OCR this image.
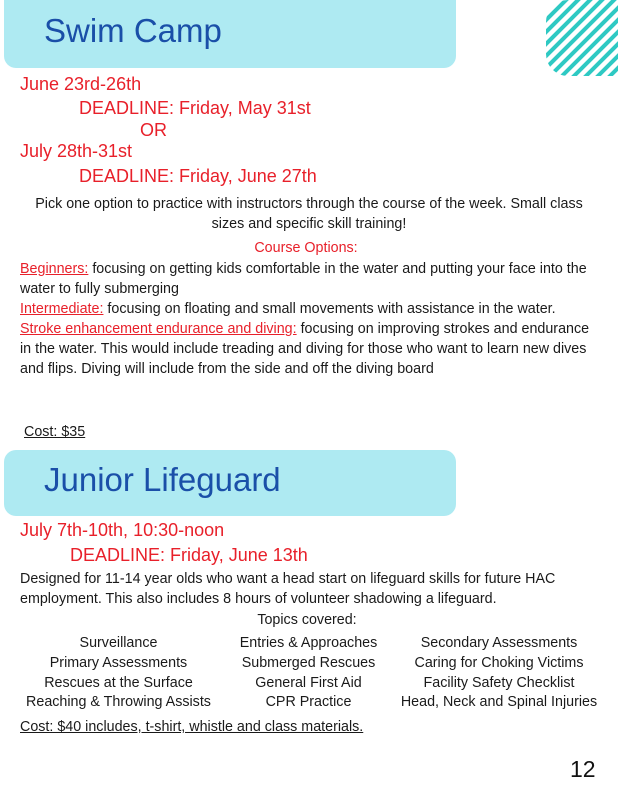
Swim Camp
June 23rd-26th
DEADLINE: Friday, May 31st
OR
July 28th-31st
DEADLINE: Friday, June 27th
Pick one option to practice with instructors through the course of the week. Small class sizes and specific skill training!
Course Options:
Beginners: focusing on getting kids comfortable in the water and putting your face into the water to fully submerging
Intermediate: focusing on floating and small movements with assistance in the water.
Stroke enhancement endurance and diving: focusing on improving strokes and endurance in the water. This would include treading and diving for those who want to learn new dives and flips. Diving will include from the side and off the diving board
Cost: $35
Junior Lifeguard
July 7th-10th, 10:30-noon
DEADLINE: Friday, June 13th
Designed for 11-14 year olds who want a head start on lifeguard skills for future HAC employment. This also includes 8 hours of volunteer shadowing a lifeguard.
Topics covered:
Surveillance	Entries & Approaches	Secondary Assessments
Primary Assessments	Submerged Rescues	Caring for Choking Victims
Rescues at the Surface	General First Aid	Facility Safety Checklist
Reaching & Throwing Assists	CPR Practice	Head, Neck and Spinal Injuries
Cost: $40 includes, t-shirt, whistle and class materials.
12
